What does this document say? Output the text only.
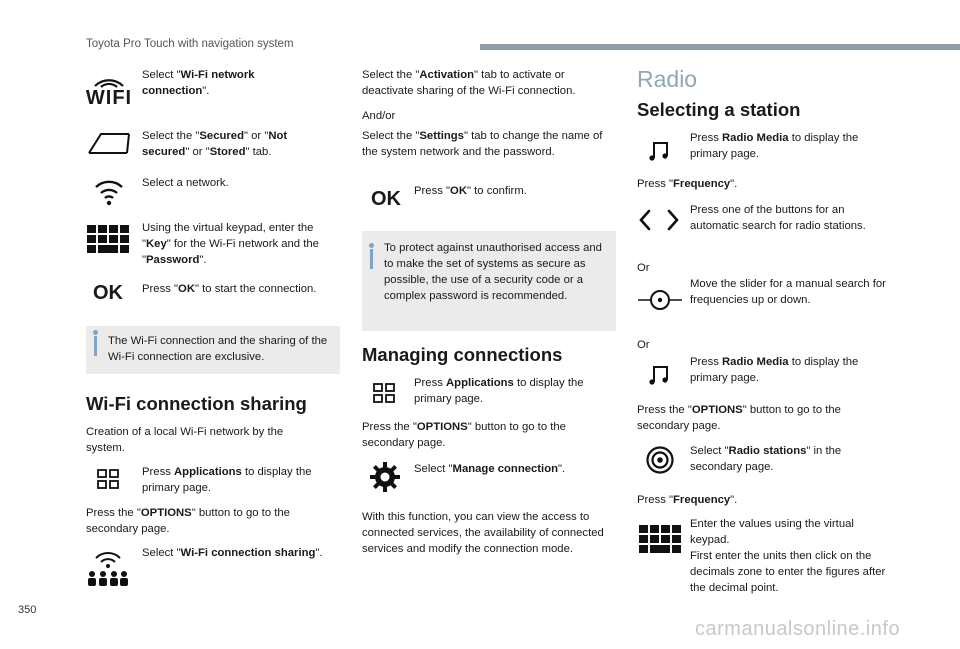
Toyota Pro Touch with navigation system
350
WIFI
Select "Wi-Fi network connection".
Select the "Secured" or "Not secured" or "Stored" tab.
Select a network.
Using the virtual keypad, enter the "Key" for the Wi-Fi network and the "Password".
OK Press "OK" to start the connection.
The Wi-Fi connection and the sharing of the Wi-Fi connection are exclusive.
Wi-Fi connection sharing
Creation of a local Wi-Fi network by the system.
Press Applications to display the primary page.
Press the "OPTIONS" button to go to the secondary page.
Select "Wi-Fi connection sharing".
Select the "Activation" tab to activate or deactivate sharing of the Wi-Fi connection.
And/or
Select the "Settings" tab to change the name of the system network and the password.
OK Press "OK" to confirm.
To protect against unauthorised access and to make the set of systems as secure as possible, the use of a security code or a complex password is recommended.
Managing connections
Press Applications to display the primary page.
Press the "OPTIONS" button to go to the secondary page.
Select "Manage connection".
With this function, you can view the access to connected services, the availability of connected services and modify the connection mode.
Radio
Selecting a station
Press Radio Media to display the primary page.
Press "Frequency".
Press one of the buttons for an automatic search for radio stations.
Or
Move the slider for a manual search for frequencies up or down.
Or
Press Radio Media to display the primary page.
Press the "OPTIONS" button to go to the secondary page.
Select "Radio stations" in the secondary page.
Press "Frequency".
Enter the values using the virtual keypad.
First enter the units then click on the decimals zone to enter the figures after the decimal point.
carmanualsonline.info
